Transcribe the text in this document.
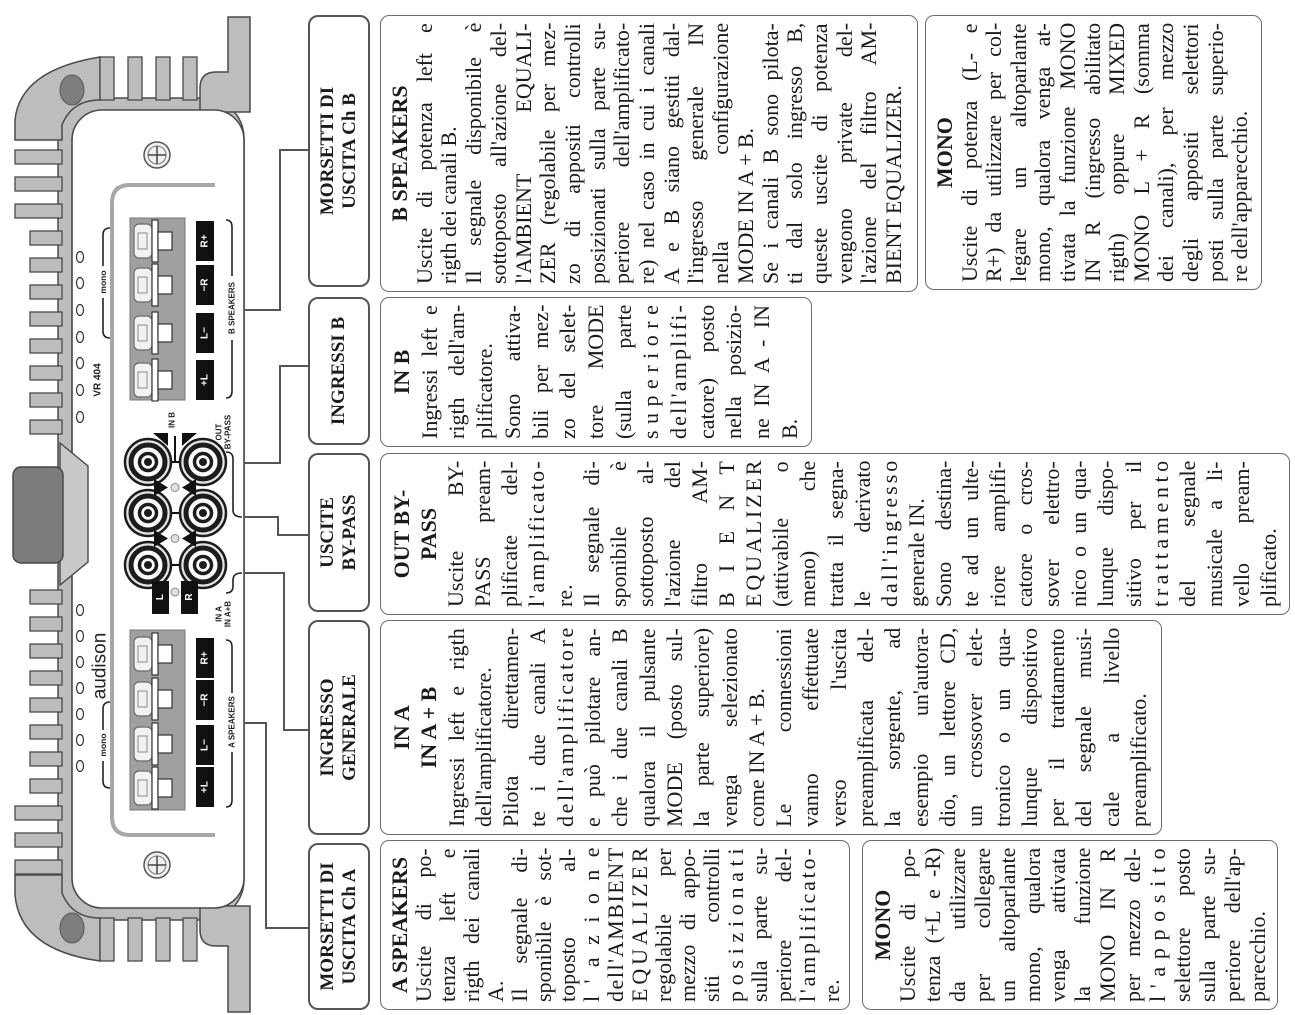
VR 404
audison
mono
mono
+L
L−
−R
R+
B SPEAKERS
+L
L−
−R
R+
A SPEAKERS
IN B
L R
OUT BY-PASS
IN A IN A+B
MORSETTI DI USCITA Ch A
INGRESSO GENERALE
USCITE BY-PASS
INGRESSI B
MORSETTI DI USCITA Ch B
A SPEAKERS Uscite di po- tenza left e rigth dei canali A. Il segnale di- sponibile è sot- toposto al- l'azione dell'AMBIENT EQUALIZER regolabile per mezzo di appo- siti controlli posizionati sulla parte su- periore del- l'amplificato- re.
MONO Uscite di po- tenza (+L e -R) da utilizzare per collegare un altoparlante mono, qualora venga attivata la funzione MONO IN R per mezzo del- l'apposito selettore posto sulla parte su- periore dell'ap- parecchio.
IN A IN A + B Ingressi left e rigth dell'amplificatore. Pilota direttamen- te i due canali A dell'amplificatore e può pilotare an- che i due canali B qualora il pulsante MODE (posto sul- la parte superiore) venga selezionato come IN A + B. Le connessioni vanno effettuate verso l'uscita preamplificata del- la sorgente, ad esempio un'autora- dio, un lettore CD, un crossover elet- tronico o un qua- lunque dispositivo per il trattamento del segnale musi- cale a livello preamplificato.
OUT BY- PASS Uscite BY- PASS pream- plificate del- l'amplificato- re. Il segnale di- sponibile è sottoposto al- l'azione del filtro AM- BIENT EQUALIZER (attivabile o meno) che tratta il segna- le derivato dall'ingresso generale IN. Sono destina- te ad un ulte- riore amplifi- catore o cros- sover elettro- nico o un qua- lunque dispo- sitivo per il trattamento del segnale musicale a li- vello pream- plificato.
IN B Ingressi left e rigth dell'am- plificatore. Sono attiva- bili per mez- zo del selet- tore MODE (sulla parte superiore dell'amplifi- catore) posto nella posizio- ne IN A - IN B.
B SPEAKERS Uscite di potenza left e rigth dei canali B. Il segnale disponibile è sottoposto all'azione del- l'AMBIENT EQUALI- ZER (regolabile per mez- zo di appositi controlli posizionati sulla parte su- periore dell'amplificato- re) nel caso in cui i canali A e B siano gestiti dal- l'ingresso generale IN nella configurazione MODE IN A + B. Se i canali B sono pilota- ti dal solo ingresso B, queste uscite di potenza vengono private del- l'azione del filtro AM- BIENT EQUALIZER. MONO Uscite di potenza (L- e R+) da utilizzare per col- legare un altoparlante mono, qualora venga at- tivata la funzione MONO IN R (ingresso abilitato rigth) oppure MIXED MONO L + R (somma dei canali), per mezzo degli appositi selettori posti sulla parte superio- re dell'apparecchio.
